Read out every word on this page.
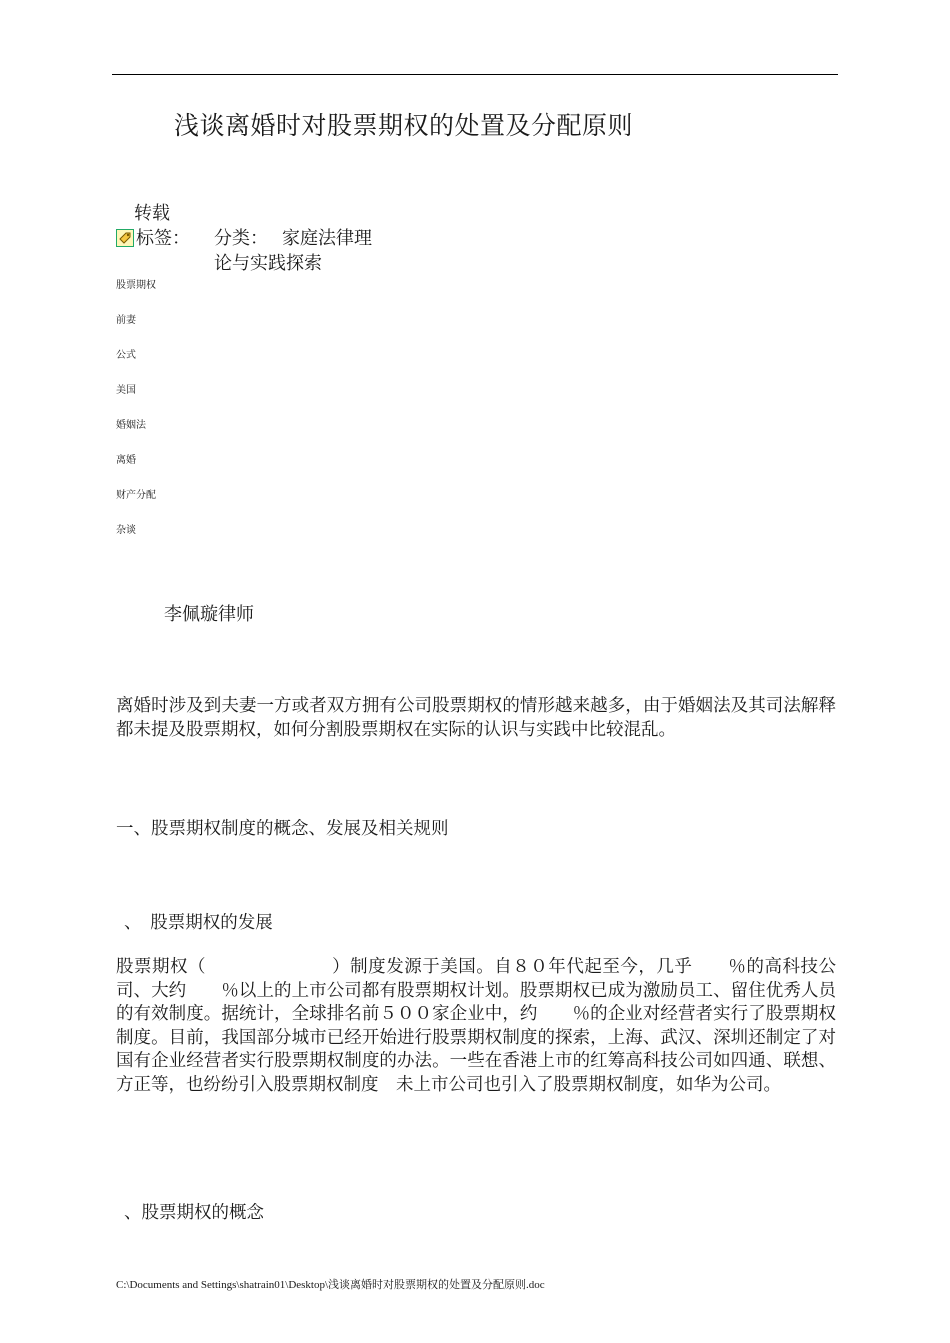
浅谈离婚时对股票期权的处置及分配原则
转载
标签： 分类： 家庭法律理论与实践探索
股票期权
前妻
公式
美国
婚姻法
离婚
财产分配
杂谈
李佩璇律师
离婚时涉及到夫妻一方或者双方拥有公司股票期权的情形越来越多，由于婚姻法及其司法解释都未提及股票期权，如何分割股票期权在实际的认识与实践中比较混乱。
一、股票期权制度的概念、发展及相关规则
、　股票期权的发展
股票期权（　　　　　　　）制度发源于美国。自８０年代起至今，几乎　　％的高科技公司、大约　　％以上的上市公司都有股票期权计划。股票期权已成为激励员工、留住优秀人员的有效制度。据统计，全球排名前５００家企业中，约　　％的企业对经营者实行了股票期权制度。目前，我国部分城市已经开始进行股票期权制度的探索，上海、武汉、深圳还制定了对国有企业经营者实行股票期权制度的办法。一些在香港上市的红筹高科技公司如四通、联想、方正等，也纷纷引入股票期权制度　未上市公司也引入了股票期权制度，如华为公司。
、股票期权的概念
C:\Documents and Settings\shatrain01\Desktop\浅谈离婚时对股票期权的处置及分配原则.doc
